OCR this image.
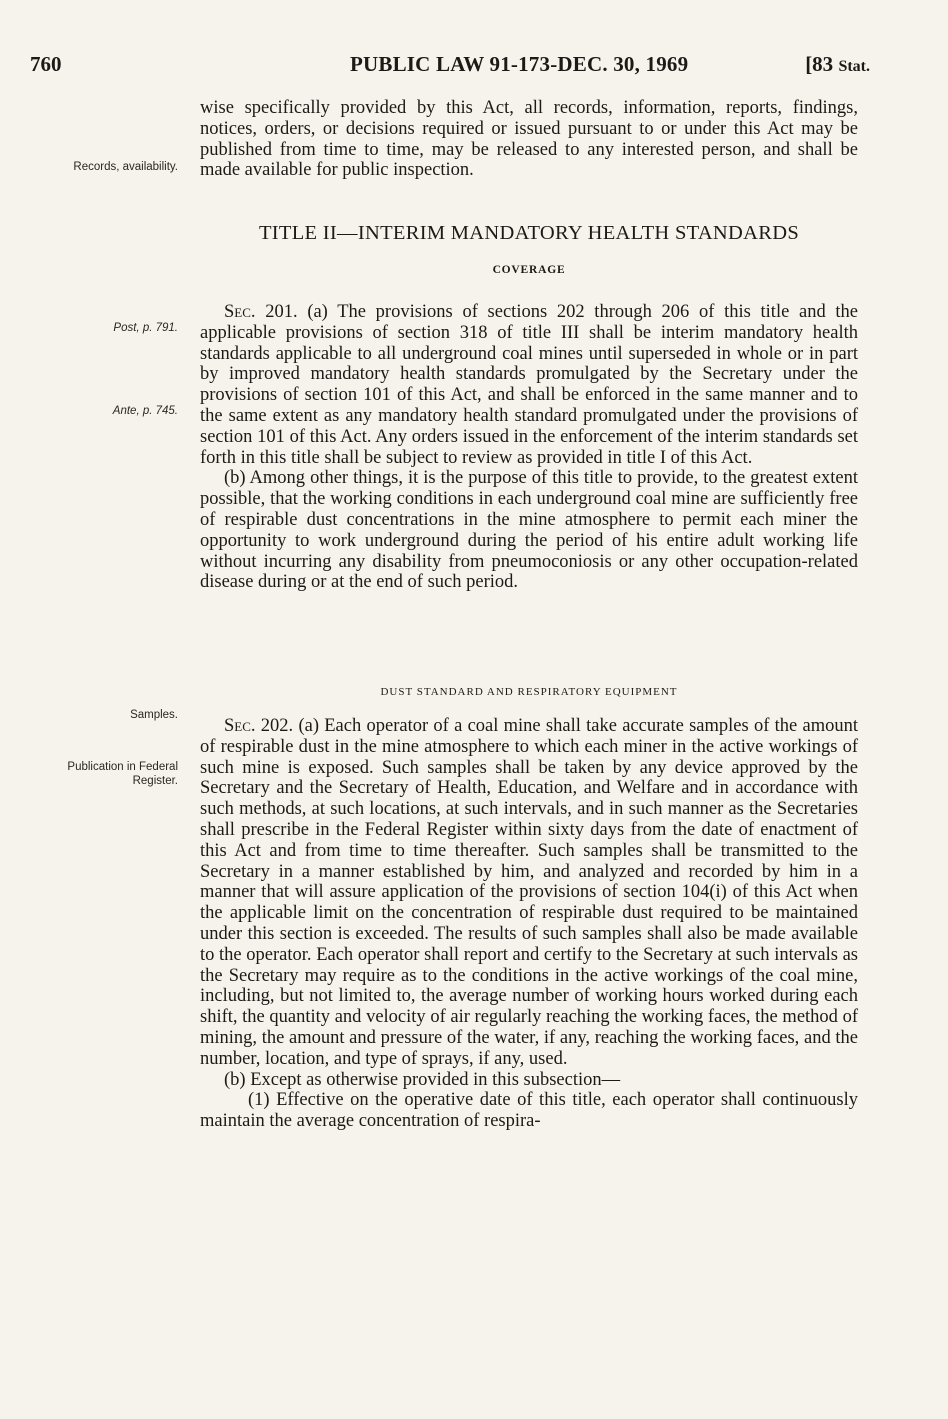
760	PUBLIC LAW 91-173-DEC. 30, 1969	[83 Stat.
Records, availability.
Post, p. 791.
Ante, p. 745.
Samples.
Publication in Federal Register.

wise specifically provided by this Act, all records, information, reports, findings, notices, orders, or decisions required or issued pursuant to or under this Act may be published from time to time, may be released to any interested person, and shall be made available for public inspection.

TITLE II—INTERIM MANDATORY HEALTH STANDARDS
COVERAGE

Sec. 201. (a) The provisions of sections 202 through 206 of this title and the applicable provisions of section 318 of title III shall be interim mandatory health standards applicable to all underground coal mines until superseded in whole or in part by improved mandatory health standards promulgated by the Secretary under the provisions of section 101 of this Act, and shall be enforced in the same manner and to the same extent as any mandatory health standard promulgated under the provisions of section 101 of this Act. Any orders issued in the enforcement of the interim standards set forth in this title shall be subject to review as provided in title I of this Act.

(b) Among other things, it is the purpose of this title to provide, to the greatest extent possible, that the working conditions in each underground coal mine are sufficiently free of respirable dust concentrations in the mine atmosphere to permit each miner the opportunity to work underground during the period of his entire adult working life without incurring any disability from pneumoconiosis or any other occupation-related disease during or at the end of such period.

DUST STANDARD AND RESPIRATORY EQUIPMENT

Sec. 202. (a) Each operator of a coal mine shall take accurate samples of the amount of respirable dust in the mine atmosphere to which each miner in the active workings of such mine is exposed. Such samples shall be taken by any device approved by the Secretary and the Secretary of Health, Education, and Welfare and in accordance with such methods, at such locations, at such intervals, and in such manner as the Secretaries shall prescribe in the Federal Register within sixty days from the date of enactment of this Act and from time to time thereafter. Such samples shall be transmitted to the Secretary in a manner established by him, and analyzed and recorded by him in a manner that will assure application of the provisions of section 104(i) of this Act when the applicable limit on the concentration of respirable dust required to be maintained under this section is exceeded. The results of such samples shall also be made available to the operator. Each operator shall report and certify to the Secretary at such intervals as the Secretary may require as to the conditions in the active workings of the coal mine, including, but not limited to, the average number of working hours worked during each shift, the quantity and velocity of air regularly reaching the working faces, the method of mining, the amount and pressure of the water, if any, reaching the working faces, and the number, location, and type of sprays, if any, used.

(b) Except as otherwise provided in this subsection—

(1) Effective on the operative date of this title, each operator shall continuously maintain the average concentration of respira-
